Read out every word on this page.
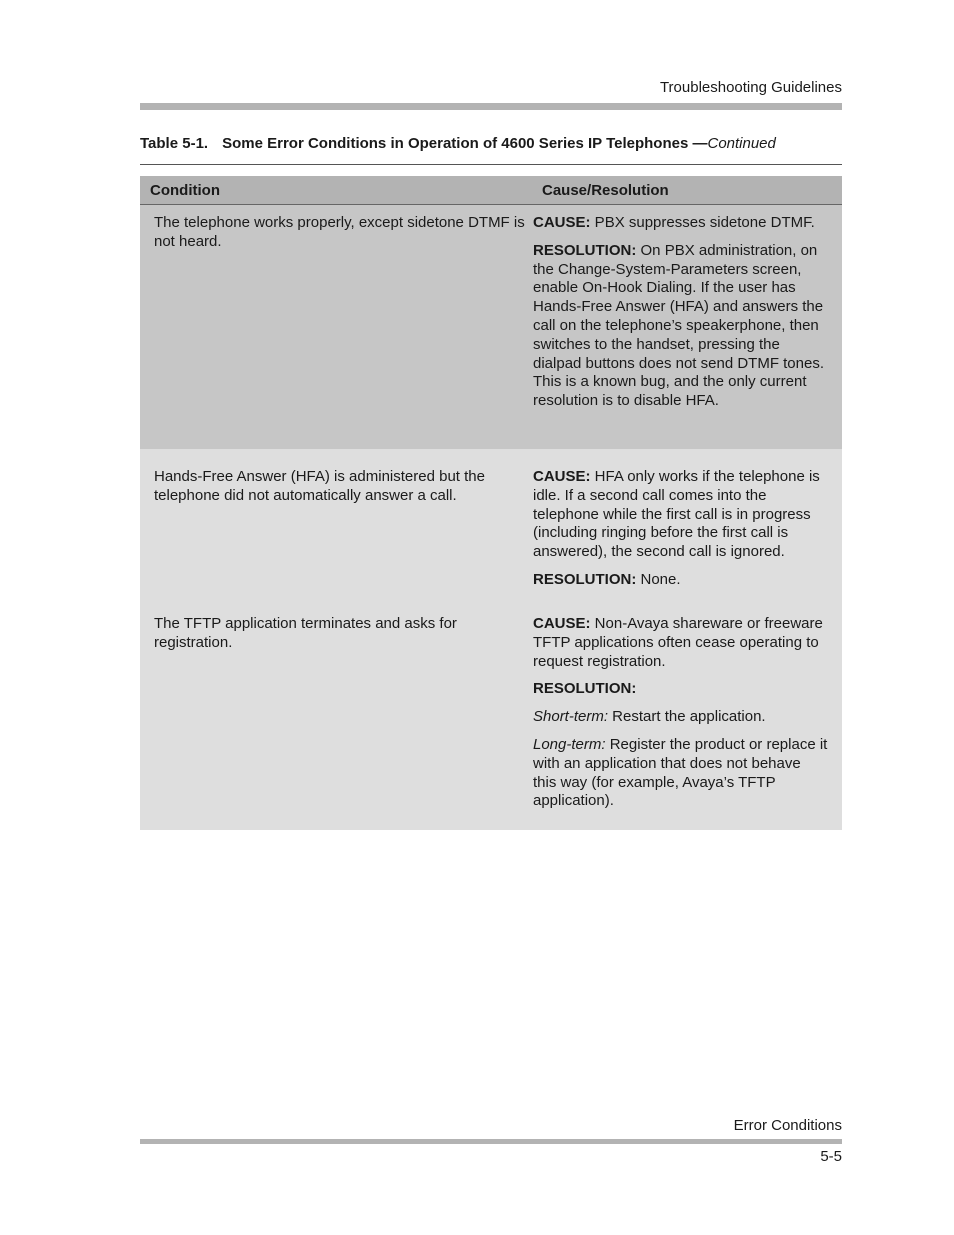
Troubleshooting Guidelines
Table 5-1. Some Error Conditions in Operation of 4600 Series IP Telephones —Continued
Condition	Cause/Resolution
The telephone works properly, except sidetone DTMF is not heard.

CAUSE: PBX suppresses sidetone DTMF.

RESOLUTION: On PBX administration, on the Change-System-Parameters screen, enable On-Hook Dialing. If the user has Hands-Free Answer (HFA) and answers the call on the telephone’s speakerphone, then switches to the handset, pressing the dialpad buttons does not send DTMF tones. This is a known bug, and the only current resolution is to disable HFA.

Hands-Free Answer (HFA) is administered but the telephone did not automatically answer a call.

CAUSE: HFA only works if the telephone is idle. If a second call comes into the telephone while the first call is in progress (including ringing before the first call is answered), the second call is ignored.

RESOLUTION: None.

The TFTP application terminates and asks for registration.

CAUSE: Non-Avaya shareware or freeware TFTP applications often cease operating to request registration.

RESOLUTION:

Short-term: Restart the application.

Long-term: Register the product or replace it with an application that does not behave this way (for example, Avaya’s TFTP application).

Error Conditions
5-5
